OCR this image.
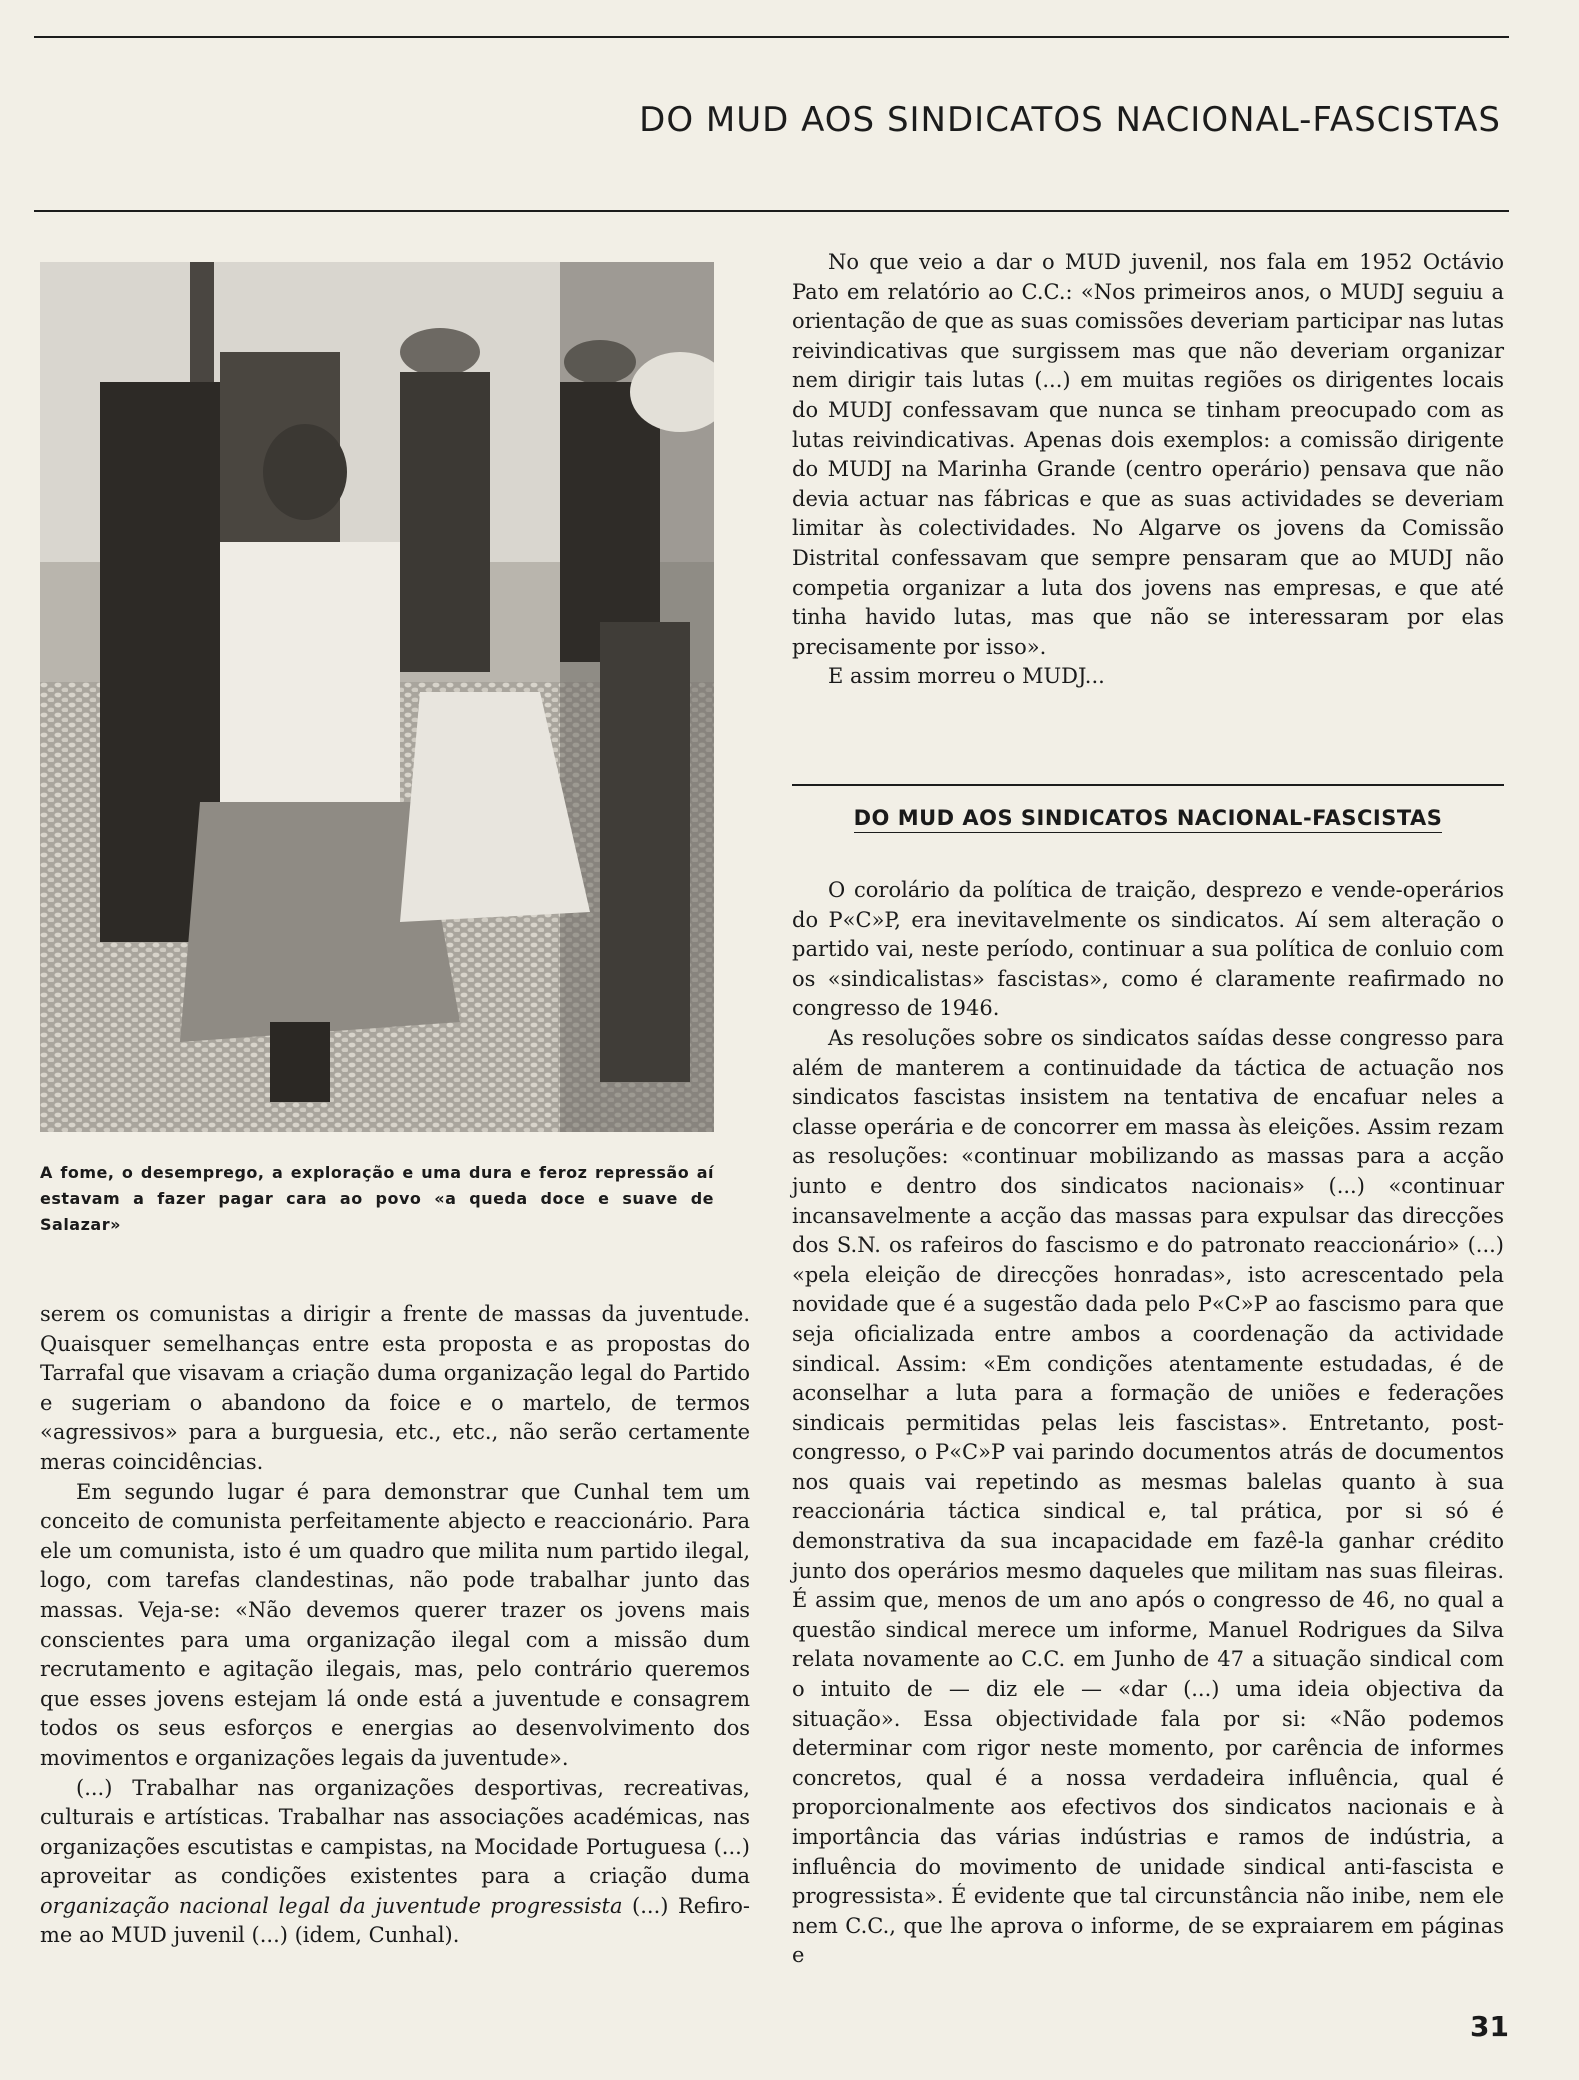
DO MUD AOS SINDICATOS NACIONAL-FASCISTAS
A fome, o desemprego, a exploração e uma dura e feroz repressão aí estavam a fazer pagar cara ao povo «a queda doce e suave de Salazar»

serem os comunistas a dirigir a frente de massas da juventude. Quaisquer semelhanças entre esta proposta e as propostas do Tarrafal que visavam a criação duma organização legal do Partido e sugeriam o abandono da foice e o martelo, de termos «agressivos» para a burguesia, etc., etc., não serão certamente meras coincidências.

Em segundo lugar é para demonstrar que Cunhal tem um conceito de comunista perfeitamente abjecto e reaccionário. Para ele um comunista, isto é um quadro que milita num partido ilegal, logo, com tarefas clandestinas, não pode trabalhar junto das massas. Veja-se: «Não devemos querer trazer os jovens mais conscientes para uma organização ilegal com a missão dum recrutamento e agitação ilegais, mas, pelo contrário queremos que esses jovens estejam lá onde está a juventude e consagrem todos os seus esforços e energias ao desenvolvimento dos movimentos e organizações legais da juventude».

(...) Trabalhar nas organizações desportivas, recreativas, culturais e artísticas. Trabalhar nas associações académicas, nas organizações escutistas e campistas, na Mocidade Portuguesa (...) aproveitar as condições existentes para a criação duma organização nacional legal da juventude progressista (...) Refiro-me ao MUD juvenil (...) (idem, Cunhal).

No que veio a dar o MUD juvenil, nos fala em 1952 Octávio Pato em relatório ao C.C.: «Nos primeiros anos, o MUDJ seguiu a orientação de que as suas comissões deveriam participar nas lutas reivindicativas que surgissem mas que não deveriam organizar nem dirigir tais lutas (...) em muitas regiões os dirigentes locais do MUDJ confessavam que nunca se tinham preocupado com as lutas reivindicativas. Apenas dois exemplos: a comissão dirigente do MUDJ na Marinha Grande (centro operário) pensava que não devia actuar nas fábricas e que as suas actividades se deveriam limitar às colectividades. No Algarve os jovens da Comissão Distrital confessavam que sempre pensaram que ao MUDJ não competia organizar a luta dos jovens nas empresas, e que até tinha havido lutas, mas que não se interessaram por elas precisamente por isso».

E assim morreu o MUDJ...

DO MUD AOS SINDICATOS NACIONAL-FASCISTAS

O corolário da política de traição, desprezo e vende-operários do P«C»P, era inevitavelmente os sindicatos. Aí sem alteração o partido vai, neste período, continuar a sua política de conluio com os «sindicalistas» fascistas», como é claramente reafirmado no congresso de 1946.

As resoluções sobre os sindicatos saídas desse congresso para além de manterem a continuidade da táctica de actuação nos sindicatos fascistas insistem na tentativa de encafuar neles a classe operária e de concorrer em massa às eleições. Assim rezam as resoluções: «continuar mobilizando as massas para a acção junto e dentro dos sindicatos nacionais» (...) «continuar incansavelmente a acção das massas para expulsar das direcções dos S.N. os rafeiros do fascismo e do patronato reaccionário» (...) «pela eleição de direcções honradas», isto acrescentado pela novidade que é a sugestão dada pelo P«C»P ao fascismo para que seja oficializada entre ambos a coordenação da actividade sindical. Assim: «Em condições atentamente estudadas, é de aconselhar a luta para a formação de uniões e federações sindicais permitidas pelas leis fascistas». Entretanto, post-congresso, o P«C»P vai parindo documentos atrás de documentos nos quais vai repetindo as mesmas balelas quanto à sua reaccionária táctica sindical e, tal prática, por si só é demonstrativa da sua incapacidade em fazê-la ganhar crédito junto dos operários mesmo daqueles que militam nas suas fileiras. É assim que, menos de um ano após o congresso de 46, no qual a questão sindical merece um informe, Manuel Rodrigues da Silva relata novamente ao C.C. em Junho de 47 a situação sindical com o intuito de — diz ele — «dar (...) uma ideia objectiva da situação». Essa objectividade fala por si: «Não podemos determinar com rigor neste momento, por carência de informes concretos, qual é a nossa verdadeira influência, qual é proporcionalmente aos efectivos dos sindicatos nacionais e à importância das várias indústrias e ramos de indústria, a influência do movimento de unidade sindical anti-fascista e progressista». É evidente que tal circunstância não inibe, nem ele nem C.C., que lhe aprova o informe, de se expraiarem em páginas e

31
